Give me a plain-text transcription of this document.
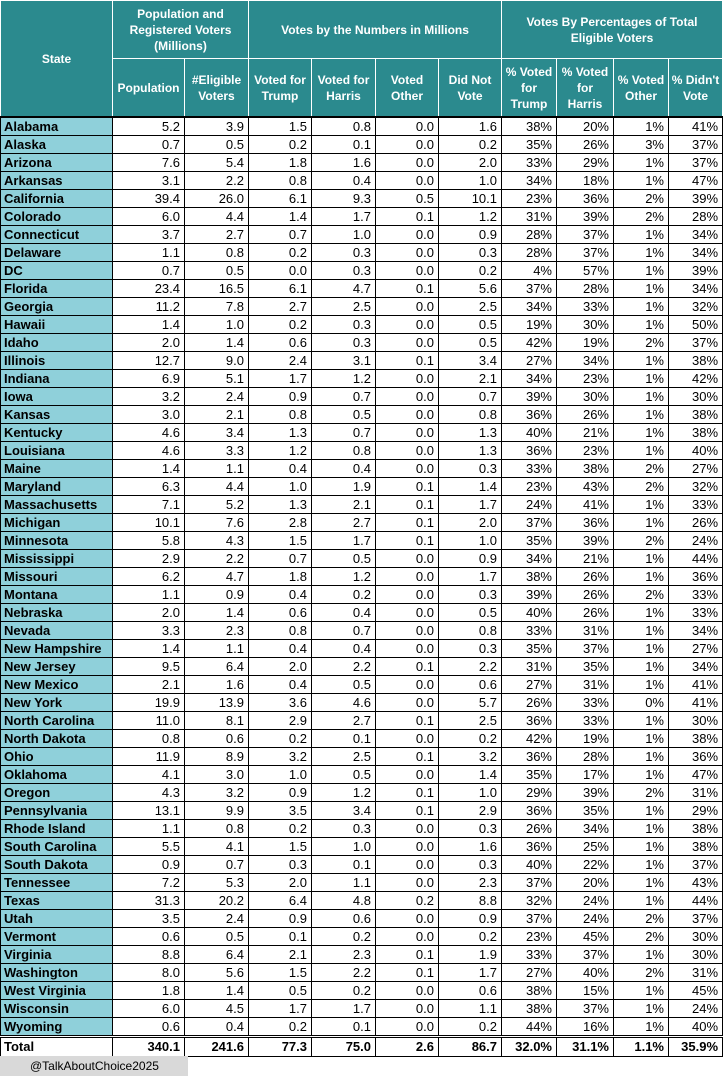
State	Population and Registered Voters (Millions)		Votes by the Numbers in Millions				Votes By Percentages of Total Eligible Voters			

	Population	#Eligible Voters	Voted for Trump	Voted for Harris	Voted Other	Did Not Vote	% Voted for Trump	% Voted for Harris	% Voted Other	% Didn't Vote

Alabama	5.2	3.9	1.5	0.8	0.0	1.6	38%	20%	1%	41%
Alaska	0.7	0.5	0.2	0.1	0.0	0.2	35%	26%	3%	37%
Arizona	7.6	5.4	1.8	1.6	0.0	2.0	33%	29%	1%	37%
Arkansas	3.1	2.2	0.8	0.4	0.0	1.0	34%	18%	1%	47%
California	39.4	26.0	6.1	9.3	0.5	10.1	23%	36%	2%	39%
Colorado	6.0	4.4	1.4	1.7	0.1	1.2	31%	39%	2%	28%
Connecticut	3.7	2.7	0.7	1.0	0.0	0.9	28%	37%	1%	34%
Delaware	1.1	0.8	0.2	0.3	0.0	0.3	28%	37%	1%	34%
DC	0.7	0.5	0.0	0.3	0.0	0.2	4%	57%	1%	39%
Florida	23.4	16.5	6.1	4.7	0.1	5.6	37%	28%	1%	34%
Georgia	11.2	7.8	2.7	2.5	0.0	2.5	34%	33%	1%	32%
Hawaii	1.4	1.0	0.2	0.3	0.0	0.5	19%	30%	1%	50%
Idaho	2.0	1.4	0.6	0.3	0.0	0.5	42%	19%	2%	37%
Illinois	12.7	9.0	2.4	3.1	0.1	3.4	27%	34%	1%	38%
Indiana	6.9	5.1	1.7	1.2	0.0	2.1	34%	23%	1%	42%
Iowa	3.2	2.4	0.9	0.7	0.0	0.7	39%	30%	1%	30%
Kansas	3.0	2.1	0.8	0.5	0.0	0.8	36%	26%	1%	38%
Kentucky	4.6	3.4	1.3	0.7	0.0	1.3	40%	21%	1%	38%
Louisiana	4.6	3.3	1.2	0.8	0.0	1.3	36%	23%	1%	40%
Maine	1.4	1.1	0.4	0.4	0.0	0.3	33%	38%	2%	27%
Maryland	6.3	4.4	1.0	1.9	0.1	1.4	23%	43%	2%	32%
Massachusetts	7.1	5.2	1.3	2.1	0.1	1.7	24%	41%	1%	33%
Michigan	10.1	7.6	2.8	2.7	0.1	2.0	37%	36%	1%	26%
Minnesota	5.8	4.3	1.5	1.7	0.1	1.0	35%	39%	2%	24%
Mississippi	2.9	2.2	0.7	0.5	0.0	0.9	34%	21%	1%	44%
Missouri	6.2	4.7	1.8	1.2	0.0	1.7	38%	26%	1%	36%
Montana	1.1	0.9	0.4	0.2	0.0	0.3	39%	26%	2%	33%
Nebraska	2.0	1.4	0.6	0.4	0.0	0.5	40%	26%	1%	33%
Nevada	3.3	2.3	0.8	0.7	0.0	0.8	33%	31%	1%	34%
New Hampshire	1.4	1.1	0.4	0.4	0.0	0.3	35%	37%	1%	27%
New Jersey	9.5	6.4	2.0	2.2	0.1	2.2	31%	35%	1%	34%
New Mexico	2.1	1.6	0.4	0.5	0.0	0.6	27%	31%	1%	41%
New York	19.9	13.9	3.6	4.6	0.0	5.7	26%	33%	0%	41%
North Carolina	11.0	8.1	2.9	2.7	0.1	2.5	36%	33%	1%	30%
North Dakota	0.8	0.6	0.2	0.1	0.0	0.2	42%	19%	1%	38%
Ohio	11.9	8.9	3.2	2.5	0.1	3.2	36%	28%	1%	36%
Oklahoma	4.1	3.0	1.0	0.5	0.0	1.4	35%	17%	1%	47%
Oregon	4.3	3.2	0.9	1.2	0.1	1.0	29%	39%	2%	31%
Pennsylvania	13.1	9.9	3.5	3.4	0.1	2.9	36%	35%	1%	29%
Rhode Island	1.1	0.8	0.2	0.3	0.0	0.3	26%	34%	1%	38%
South Carolina	5.5	4.1	1.5	1.0	0.0	1.6	36%	25%	1%	38%
South Dakota	0.9	0.7	0.3	0.1	0.0	0.3	40%	22%	1%	37%
Tennessee	7.2	5.3	2.0	1.1	0.0	2.3	37%	20%	1%	43%
Texas	31.3	20.2	6.4	4.8	0.2	8.8	32%	24%	1%	44%
Utah	3.5	2.4	0.9	0.6	0.0	0.9	37%	24%	2%	37%
Vermont	0.6	0.5	0.1	0.2	0.0	0.2	23%	45%	2%	30%
Virginia	8.8	6.4	2.1	2.3	0.1	1.9	33%	37%	1%	30%
Washington	8.0	5.6	1.5	2.2	0.1	1.7	27%	40%	2%	31%
West Virginia	1.8	1.4	0.5	0.2	0.0	0.6	38%	15%	1%	45%
Wisconsin	6.0	4.5	1.7	1.7	0.0	1.1	38%	37%	1%	24%
Wyoming	0.6	0.4	0.2	0.1	0.0	0.2	44%	16%	1%	40%
Total	340.1	241.6	77.3	75.0	2.6	86.7	32.0%	31.1%	1.1%	35.9%
@TalkAboutChoice2025
